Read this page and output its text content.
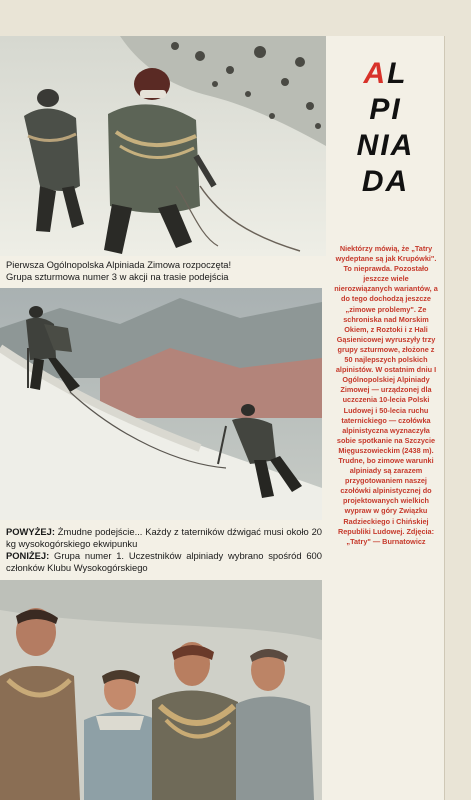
Pierwsza Ogólnopolska Alpiniada Zimowa rozpoczęta!
Grupa szturmowa numer 3 w akcji na trasie podejścia
POWYŻEJ: Żmudne podejście... Każdy z taterników dźwigać musi około 20 kg wysokogórskiego ekwipunku
PONIŻEJ: Grupa numer 1. Uczestników alpiniady wybrano spośród 600 członków Klubu Wysokogórskiego
AL
PI
NIA
DA
Niektórzy mówią, że „Tatry wydeptane są jak Krupówki". To nieprawda. Pozostało jeszcze wiele nierozwiązanych wariantów, a do tego dochodzą jeszcze „zimowe problemy". Ze schroniska nad Morskim Okiem, z Roztoki i z Hali Gąsienicowej wyruszyły trzy grupy szturmowe, złożone z 50 najlepszych polskich alpinistów. W ostatnim dniu I Ogólnopolskiej Alpiniady Zimowej — urządzonej dla uczczenia 10-lecia Polski Ludowej i 50-lecia ruchu taternickiego — czołówka alpinistyczna wyznaczyła sobie spotkanie na Szczycie Mięguszowieckim (2438 m). Trudne, bo zimowe warunki alpiniady są zarazem przygotowaniem naszej czołówki alpinistycznej do projektowanych wielkich wypraw w góry Związku Radzieckiego i Chińskiej Republiki Ludowej. Zdjęcia: „Tatry" — Burnatowicz
